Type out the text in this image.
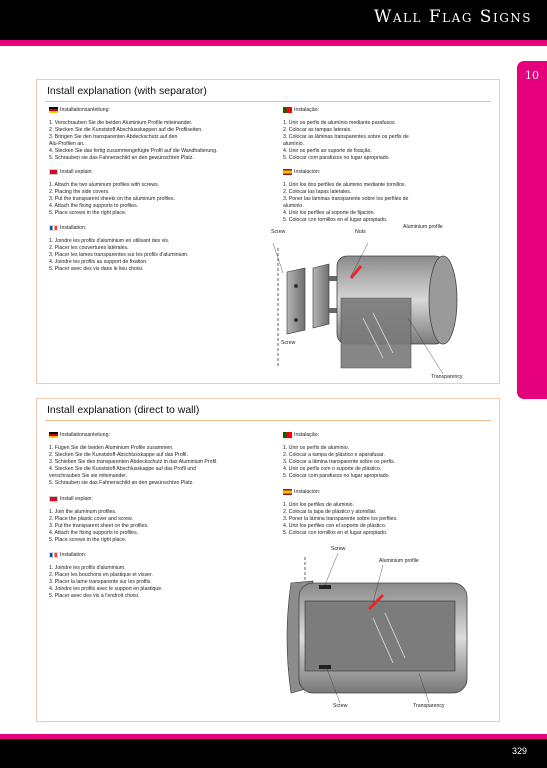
Wall Flag Signs
10
Install explanation (with separator)
Installationsanleitung:
1. Verschrauben Sie die beiden Aluminium Profile miteinander.
2. Stecken Sie die Kunststoff Abschlusskappen auf die Profilseiten.
3. Bringen Sie den transparenten Abdeckschutz auf den
Alu-Profilen an.
4. Stecken Sie das fertig zusammengefügte Profil auf die Wandhalterung.
5. Schrauben sie das Fahnenschild an den gewünschten Platz.
Install explain:
1. Attach the two aluminum profiles with screws.
2. Placing the side covers.
3. Put the transparent sheets on the aluminum profiles.
4. Attach the fixing supports to profiles.
5. Place screws in the right place.
Installation:
1. Joindre les profils d'aluminium en utilisant des vis.
2. Placer les couvertures latérales.
3. Placer les lames transparentes sur les profils d'aluminium.
4. Joindre les profils au support de fixation.
5. Placer avec des vis dans le lieu choisi.
Instalação:
1. Unir os perfis de alumínio mediante parafusos.
2. Colocar as tampas laterais.
3. Colocar as lâminas transparentes sobre os perfis de
alumínio.
4. Unir os perfis ao suporte de fixação.
5. Colocar com parafusos no lugar apropriado.
Instalación:
1. Unir los dos perfiles de aluminio mediante tornillos.
2. Colocar las tapas laterales.
3. Poner las láminas transparente sobre los perfiles de
aluminio.
4. Unir los perfiles al soporte de fijación.
5. Colocar con tornillos en el lugar apropiado.
Screw	Nuts
Aluminium profile
Screw
Transparency
Install explanation (direct to wall)
Installationsanleitung:
1. Fügen Sie die beiden Aluminium Profile zusammen.
2. Stecken Sie die Kunststoff-Abschlusskappe auf das Profil.
3. Schieben Sie den transparenten Abdeckschutz in das Aluminium Profil.
4. Stecken Sie die Kunststoff Abschlusskappe auf das Profil und
verschrauben Sie sie miteinander.
5. Schrauben sie das Fahnenschild an den gewünschten Platz.
Install explain:
1. Join the aluminum profiles.
2. Place the plastic cover and screw.
3. Put the transparent sheet on the profiles.
4. Attach the fixing supports to profiles.
5. Place screws in the right place.
Installation:
1. Joindre les profils d'aluminium.
2. Placer les bouchons en plastique et visser.
3. Placer la lame transparente sur les profils.
4. Joindre les profils avec le support en plastique.
5. Placer avec des vis à l'endroit choisi.
Instalação:
1. Unir os perfis de alumínio.
2. Colocar a tampa de plástico e aparafusar.
3. Colocar a lâmina transparente sobre os perfis.
4. Unir os perfis com o suporte de plástico.
5. Colocar com parafusos no lugar apropriado.
Instalación:
1. Unir los perfiles de aluminio.
2. Colocar la tapa de plástico y atornillar.
3. Poner la lámina transparente sobre los perfiles.
4. Unir los perfiles con el soporte de plástico.
5. Colocar con tornillos en el lugar apropiado.
Screw
Aluminium profile
Screw	Transparency
329
